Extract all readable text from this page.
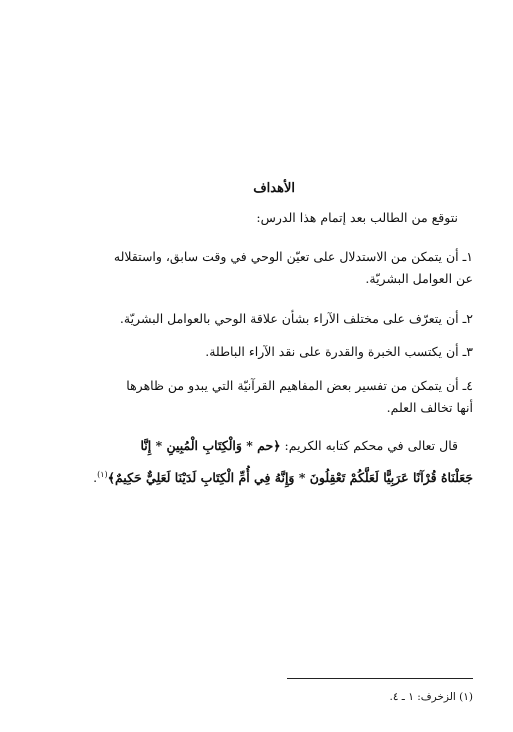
الأهداف
نتوقع من الطالب بعد إتمام هذا الدرس:
١ـ أن يتمكن من الاستدلال على تعيّن الوحي في وقت سابق، واستقلاله
عن العوامل البشريّة.
٢ـ أن يتعرّف على مختلف الآراء بشأن علاقة الوحي بالعوامل البشريّة.
٣ـ أن يكتسب الخبرة والقدرة على نقد الآراء الباطلة.
٤ـ أن يتمكن من تفسير بعض المفاهيم القرآنيّة التي يبدو من ظاهرها
أنها تخالف العلم.
قال تعالى في محكم كتابه الكريم: ﴿حم * وَالْكِتَابِ الْمُبِينِ * إِنَّا
جَعَلْنَاهُ قُرْآنًا عَرَبِيًّا لَعَلَّكُمْ تَعْقِلُونَ * وَإِنَّهُ فِي أُمِّ الْكِتَابِ لَدَيْنَا لَعَلِيٌّ حَكِيمٌ﴾$^{(١)}$.
(١) الزخرف: ١ ـ ٤.
